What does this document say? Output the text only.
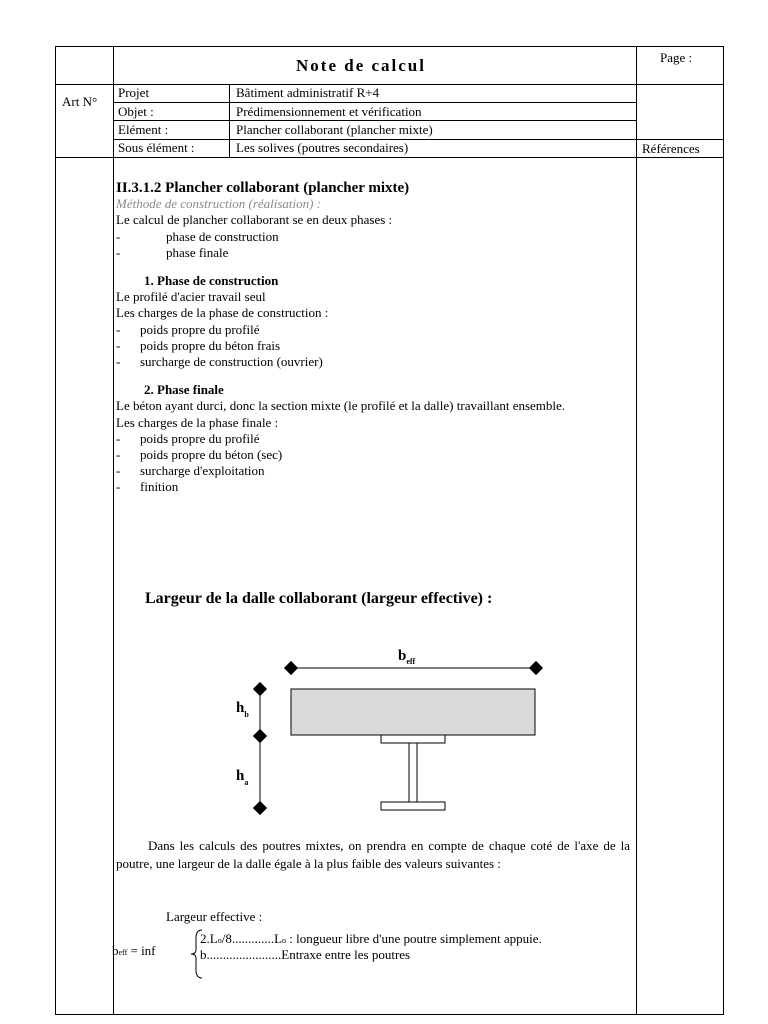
Note de calcul	Page :
Art N°
Références
Projet	Bâtiment administratif R+4
Objet :	Prédimensionnement et vérification
Elément :	Plancher collaborant (plancher mixte)
Sous élément :	Les solives (poutres secondaires)

II.3.1.2 Plancher collaborant (plancher mixte)

Méthode de construction (réalisation) :

Le calcul de plancher collaborant se en deux phases :

- phase de construction

- phase finale

1. Phase de construction

Le profilé d'acier travail seul

Les charges de la phase de construction :

- poids propre du profilé

- poids propre du béton frais

- surcharge de construction (ouvrier)

2. Phase finale

Le béton ayant durci, donc la section mixte (le profilé et la dalle) travaillant ensemble.

Les charges de la phase finale :

- poids propre du profilé

- poids propre du béton (sec)

- surcharge d'exploitation

- finition

Largeur de la dalle collaborant (largeur effective) :
$b_{eff}$
$h_b$
$h_a$
Dans les calculs des poutres mixtes, on prendra en compte de chaque coté de l'axe de la poutre, une largeur de la dalle égale à la plus faible des valeurs suivantes :
Largeur effective :
beff = inf
2.Lo/8.............Lo : longueur libre d'une poutre simplement appuie.
b.......................Entraxe entre les poutres
